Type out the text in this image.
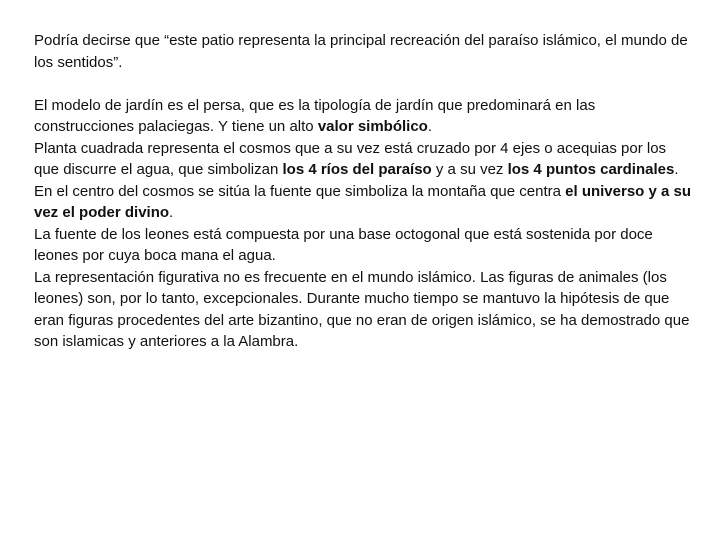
Podría decirse que “este patio representa la principal recreación del paraíso islámico, el mundo de los sentidos”.

El modelo de jardín es el persa, que es la tipología de jardín que predominará en las construcciones palaciegas. Y tiene un alto valor simbólico.

Planta cuadrada representa el cosmos que a su vez está cruzado por 4 ejes o acequias por los que discurre el agua, que simbolizan los 4 ríos del paraíso y a su vez los 4 puntos cardinales. En el centro del cosmos se sitúa la fuente que simboliza la montaña que centra el universo y a su vez el poder divino.

La fuente de los leones está compuesta por una base octogonal que está sostenida por doce leones por cuya boca mana el agua.

La representación figurativa no es frecuente en el mundo islámico. Las figuras de animales (los leones) son, por lo tanto, excepcionales. Durante mucho tiempo se mantuvo la hipótesis de que eran figuras procedentes del arte bizantino, que no eran de origen islámico, se ha demostrado que son islamicas y anteriores a la Alambra.
